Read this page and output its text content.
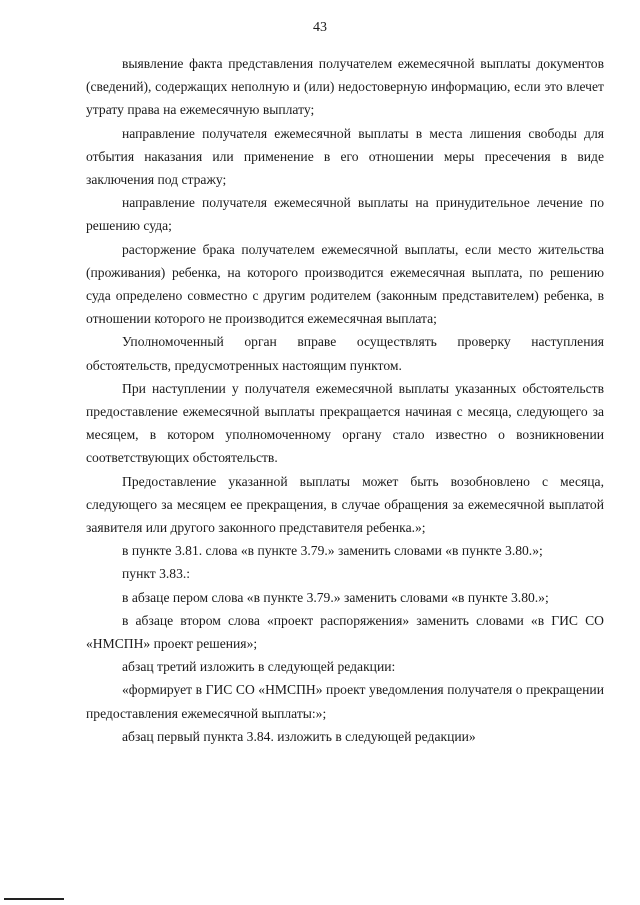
43

выявление факта представления получателем ежемесячной выплаты документов (сведений), содержащих неполную и (или) недостоверную информацию, если это влечет утрату права на ежемесячную выплату;

направление получателя ежемесячной выплаты в места лишения свободы для отбытия наказания или применение в его отношении меры пресечения в виде заключения под стражу;

направление получателя ежемесячной выплаты на принудительное лечение по решению суда;

расторжение брака получателем ежемесячной выплаты, если место жительства (проживания) ребенка, на которого производится ежемесячная выплата, по решению суда определено совместно с другим родителем (законным представителем) ребенка, в отношении которого не производится ежемесячная выплата;

Уполномоченный орган вправе осуществлять проверку наступления обстоятельств, предусмотренных настоящим пунктом.

При наступлении у получателя ежемесячной выплаты указанных обстоятельств предоставление ежемесячной выплаты прекращается начиная с месяца, следующего за месяцем, в котором уполномоченному органу стало известно о возникновении соответствующих обстоятельств.

Предоставление указанной выплаты может быть возобновлено с месяца, следующего за месяцем ее прекращения, в случае обращения за ежемесячной выплатой заявителя или другого законного представителя ребенка.»;

в пункте 3.81. слова «в пункте 3.79.» заменить словами «в пункте 3.80.»;

пункт 3.83.:

в абзаце пером слова «в пункте 3.79.» заменить словами «в пункте 3.80.»;

в абзаце втором слова «проект распоряжения» заменить словами «в ГИС СО «НМСПН» проект решения»;

абзац третий изложить в следующей редакции:

«формирует в ГИС СО «НМСПН» проект уведомления получателя о прекращении предоставления ежемесячной выплаты:»;

абзац первый пункта 3.84. изложить в следующей редакции»
